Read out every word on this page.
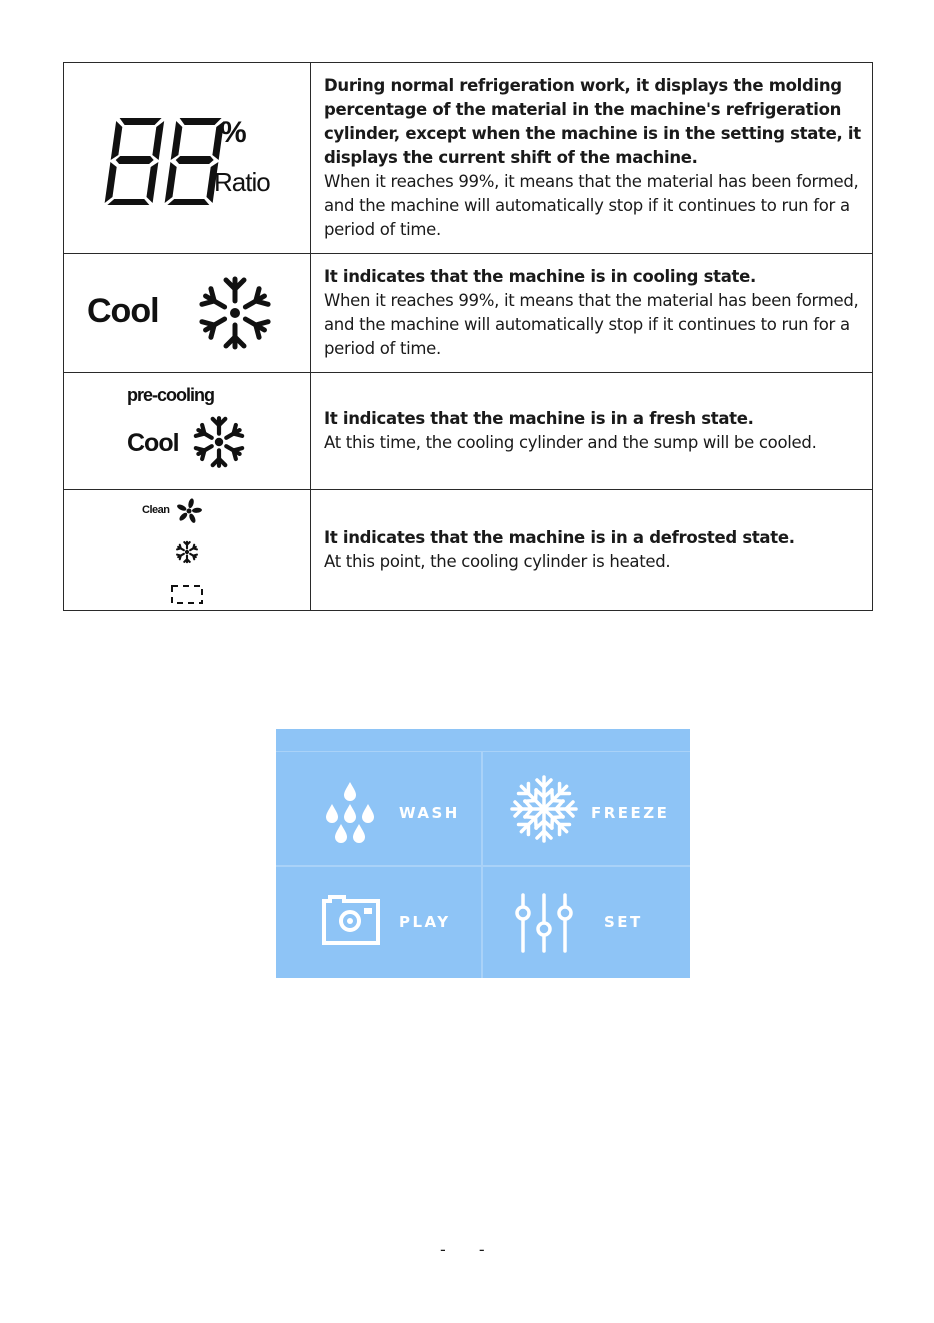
%
Ratio	During normal refrigeration work, it displays the molding percentage of the material in the machine's refrigeration cylinder, except when the machine is in the setting state, it displays the current shift of the machine.
When it reaches 99%, it means that the material has been formed, and the machine will automatically stop if it continues to run for a period of time.

Cool	It indicates that the machine is in cooling state.
When it reaches 99%, it means that the material has been formed, and the machine will automatically stop if it continues to run for a period of time.

pre-cooling
Cool	It indicates that the machine is in a fresh state.
At this time, the cooling cylinder and the sump will be cooled.

Clean	It indicates that the machine is in a defrosted state.
At this point, the cooling cylinder is heated.
WASH	FREEZE
PLAY	SET
- -
